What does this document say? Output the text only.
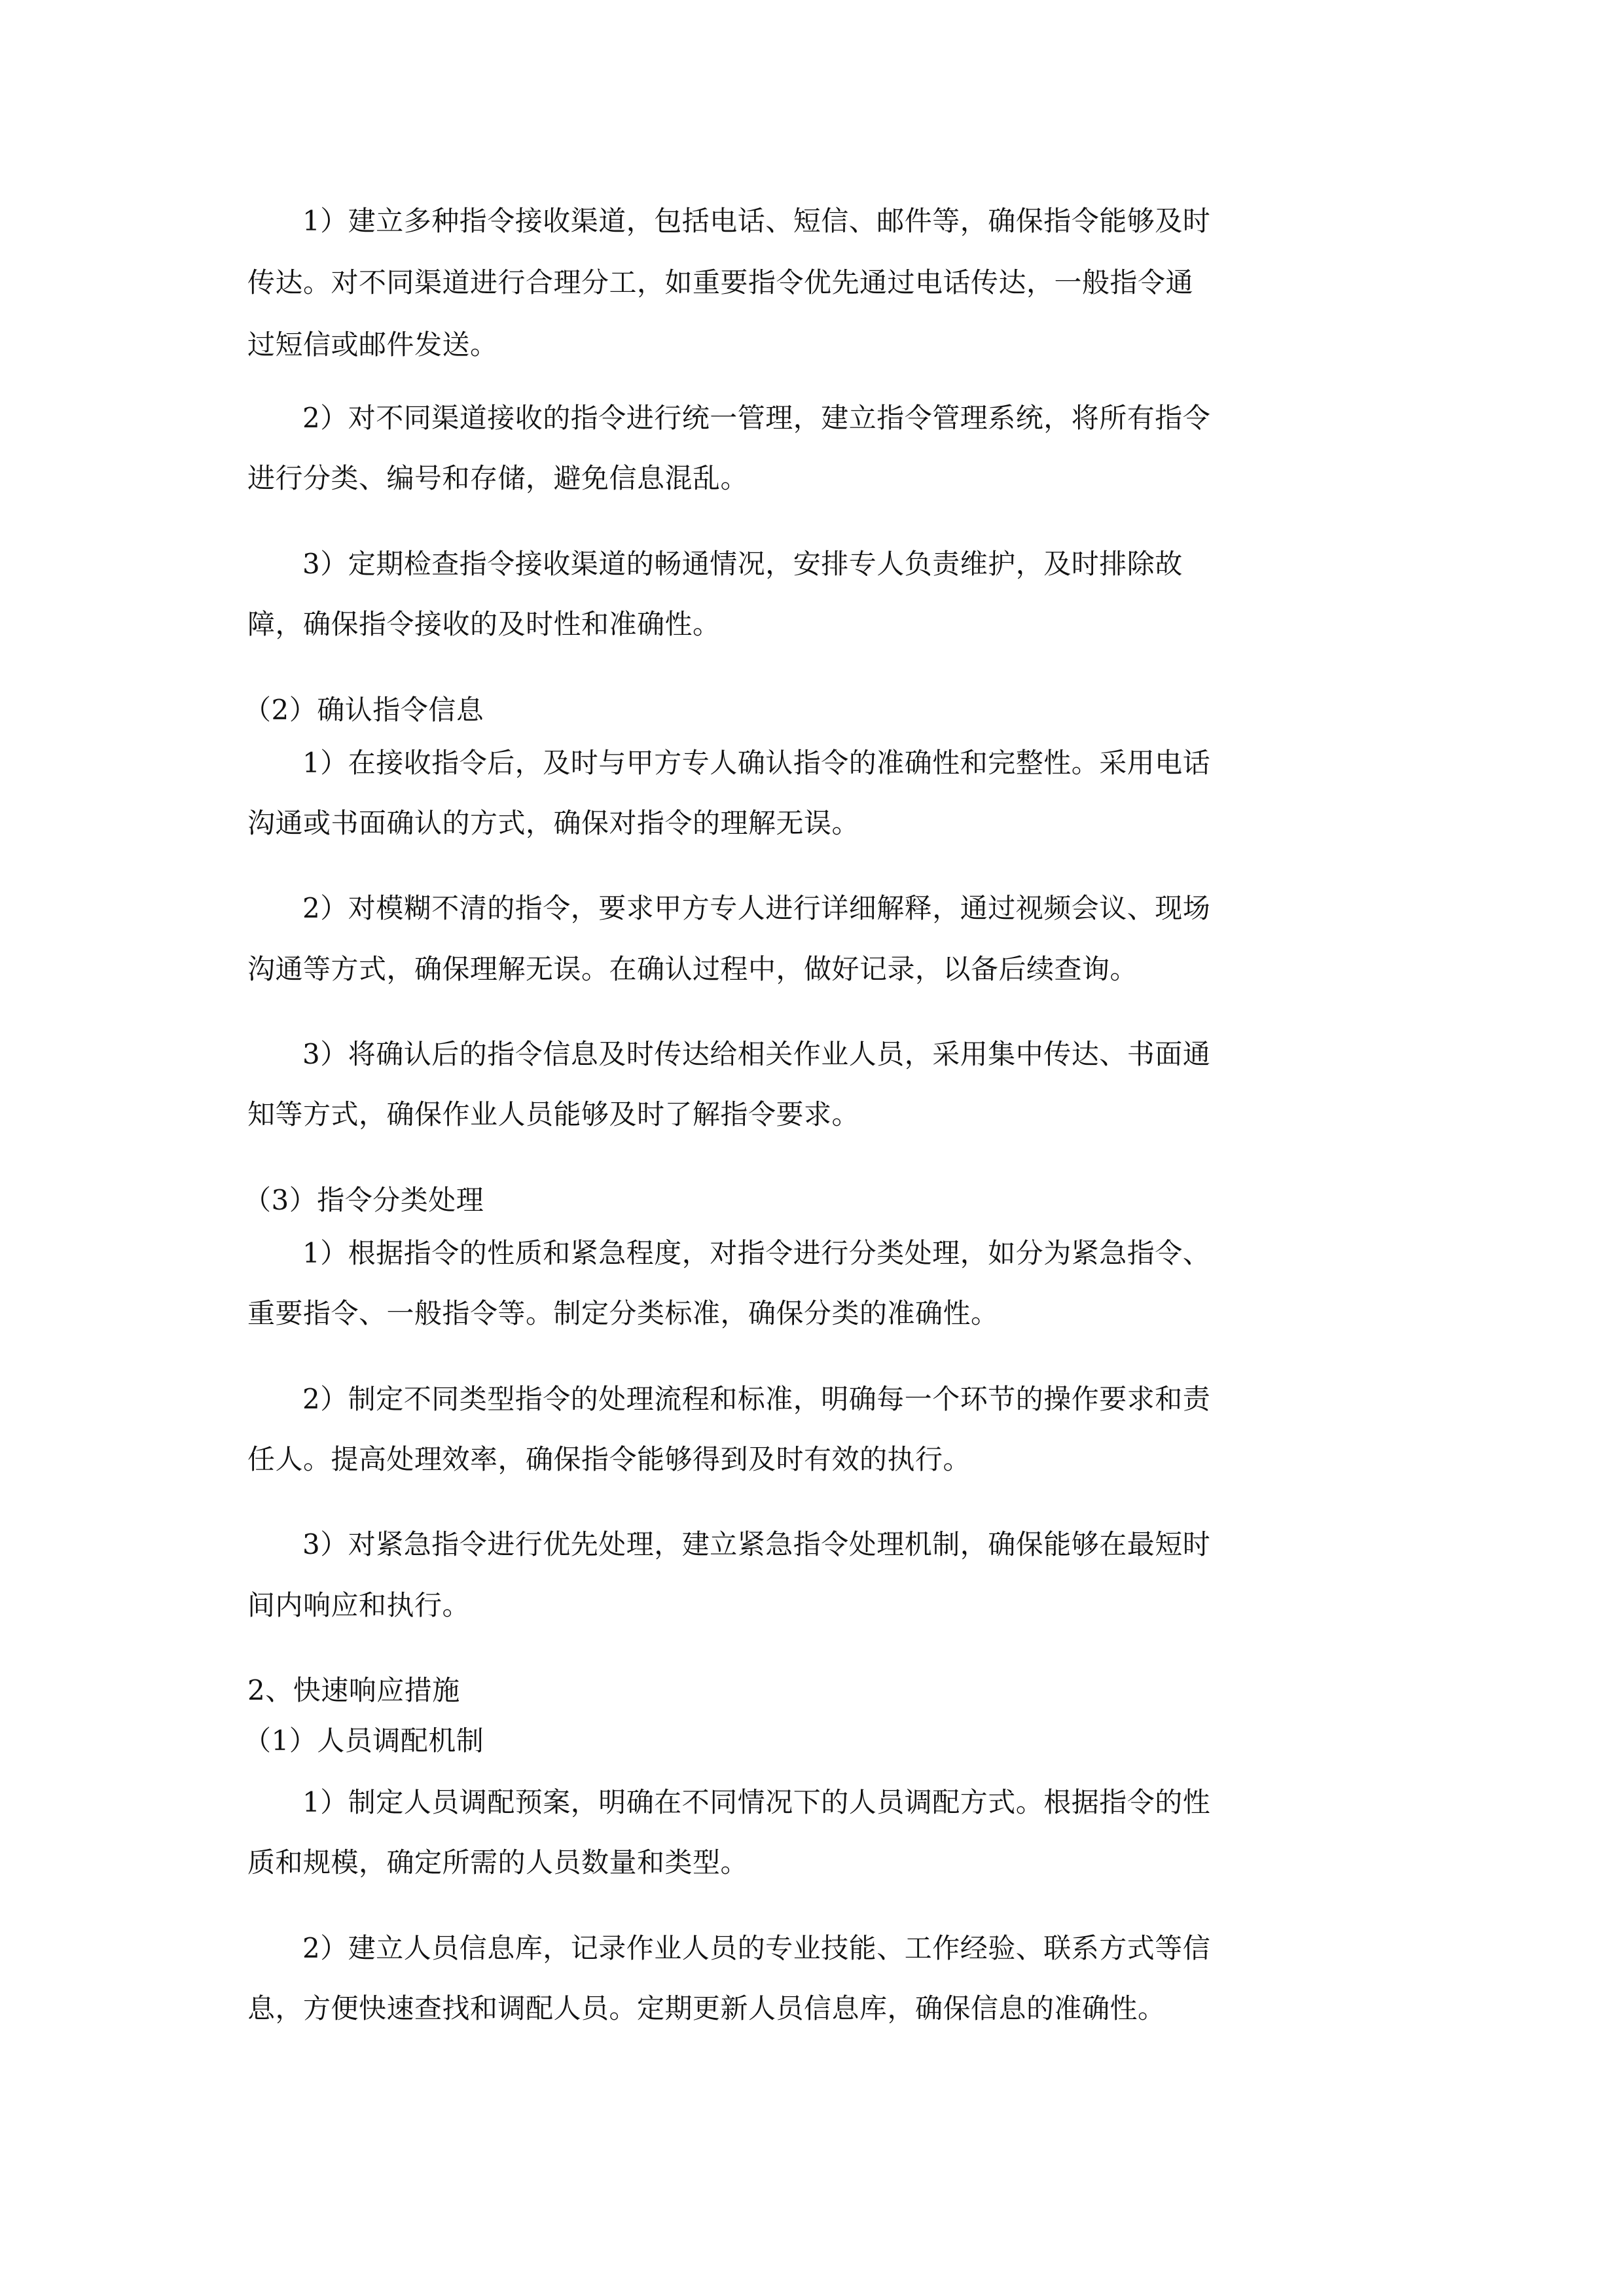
1）建立多种指令接收渠道，包括电话、短信、邮件等，确保指令能够及时
传达。对不同渠道进行合理分工，如重要指令优先通过电话传达，一般指令通
过短信或邮件发送。
2）对不同渠道接收的指令进行统一管理，建立指令管理系统，将所有指令
进行分类、编号和存储，避免信息混乱。
3）定期检查指令接收渠道的畅通情况，安排专人负责维护，及时排除故
障，确保指令接收的及时性和准确性。
（2）确认指令信息
1）在接收指令后，及时与甲方专人确认指令的准确性和完整性。采用电话
沟通或书面确认的方式，确保对指令的理解无误。
2）对模糊不清的指令，要求甲方专人进行详细解释，通过视频会议、现场
沟通等方式，确保理解无误。在确认过程中，做好记录，以备后续查询。
3）将确认后的指令信息及时传达给相关作业人员，采用集中传达、书面通
知等方式，确保作业人员能够及时了解指令要求。
（3）指令分类处理
1）根据指令的性质和紧急程度，对指令进行分类处理，如分为紧急指令、
重要指令、一般指令等。制定分类标准，确保分类的准确性。
2）制定不同类型指令的处理流程和标准，明确每一个环节的操作要求和责
任人。提高处理效率，确保指令能够得到及时有效的执行。
3）对紧急指令进行优先处理，建立紧急指令处理机制，确保能够在最短时
间内响应和执行。
2、快速响应措施
（1）人员调配机制
1）制定人员调配预案，明确在不同情况下的人员调配方式。根据指令的性
质和规模，确定所需的人员数量和类型。
2）建立人员信息库，记录作业人员的专业技能、工作经验、联系方式等信
息，方便快速查找和调配人员。定期更新人员信息库，确保信息的准确性。
